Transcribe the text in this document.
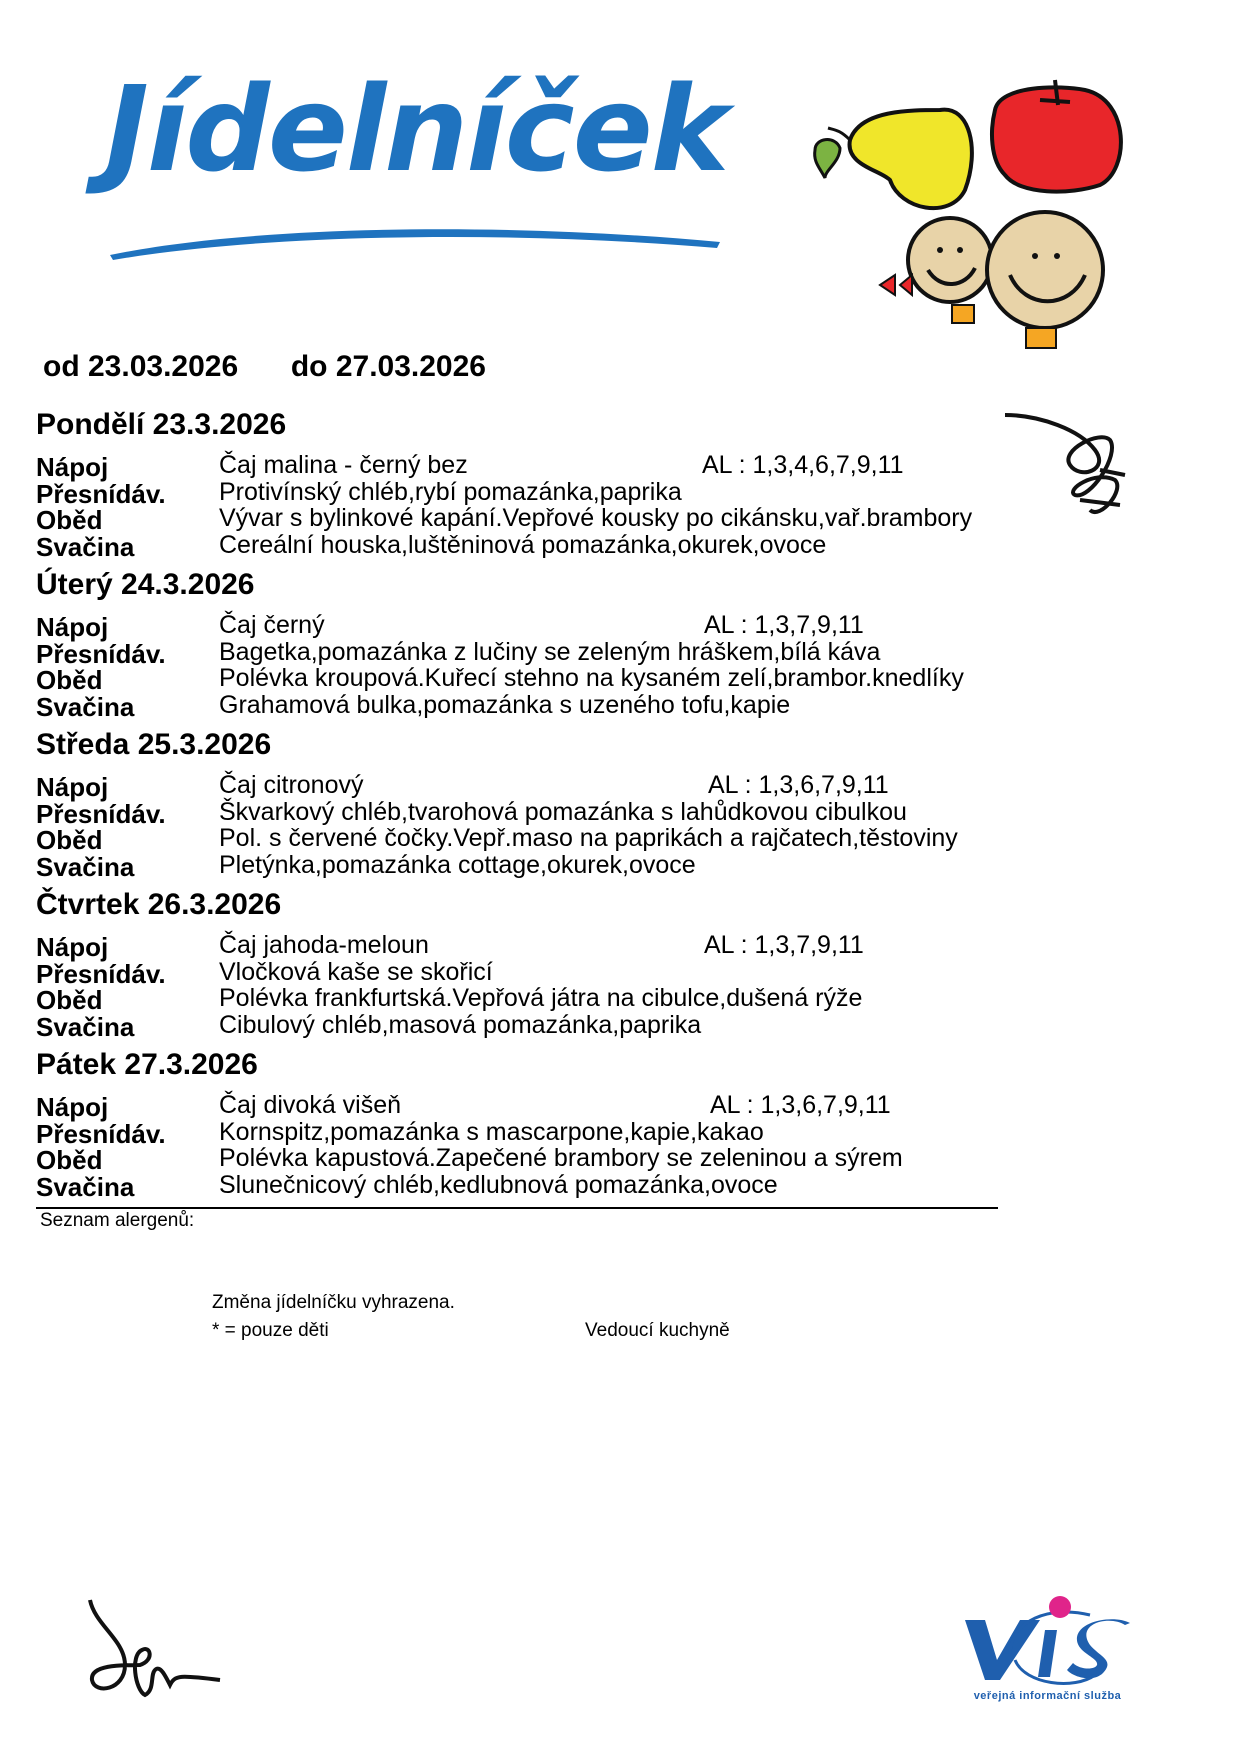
Jídelníček
od 23.03.2026 do 27.03.2026
Pondělí 23.3.2026
Nápoj	Čaj malina - černý bez	AL : 1,3,4,6,7,9,11
Přesnídáv. Protivínský chléb,rybí pomazánka,paprika
Oběd	Vývar s bylinkové kapání.Vepřové kousky po cikánsku,vař.brambory
Svačina	Cereální houska,luštěninová pomazánka,okurek,ovoce
Úterý 24.3.2026
Nápoj	Čaj černý	AL : 1,3,7,9,11
Přesnídáv. Bagetka,pomazánka z lučiny se zeleným hráškem,bílá káva
Oběd	Polévka kroupová.Kuřecí stehno na kysaném zelí,brambor.knedlíky
Svačina	Grahamová bulka,pomazánka s uzeného tofu,kapie
Středa 25.3.2026
Nápoj	Čaj citronový	AL : 1,3,6,7,9,11
Přesnídáv. Škvarkový chléb,tvarohová pomazánka s lahůdkovou cibulkou
Oběd	Pol. s červené čočky.Vepř.maso na paprikách a rajčatech,těstoviny
Svačina	Pletýnka,pomazánka cottage,okurek,ovoce
Čtvrtek 26.3.2026
Nápoj	Čaj jahoda-meloun	AL : 1,3,7,9,11
Přesnídáv. Vločková kaše se skořicí
Oběd	Polévka frankfurtská.Vepřová játra na cibulce,dušená rýže
Svačina	Cibulový chléb,masová pomazánka,paprika
Pátek 27.3.2026
Nápoj	Čaj divoká višeň	AL : 1,3,6,7,9,11
Přesnídáv. Kornspitz,pomazánka s mascarpone,kapie,kakao
Oběd	Polévka kapustová.Zapečené brambory se zeleninou a sýrem
Svačina	Slunečnicový chléb,kedlubnová pomazánka,ovoce
Seznam alergenů:
Změna jídelníčku vyhrazena.
* = pouze děti	Vedoucí kuchyně
veřejná informační služba
